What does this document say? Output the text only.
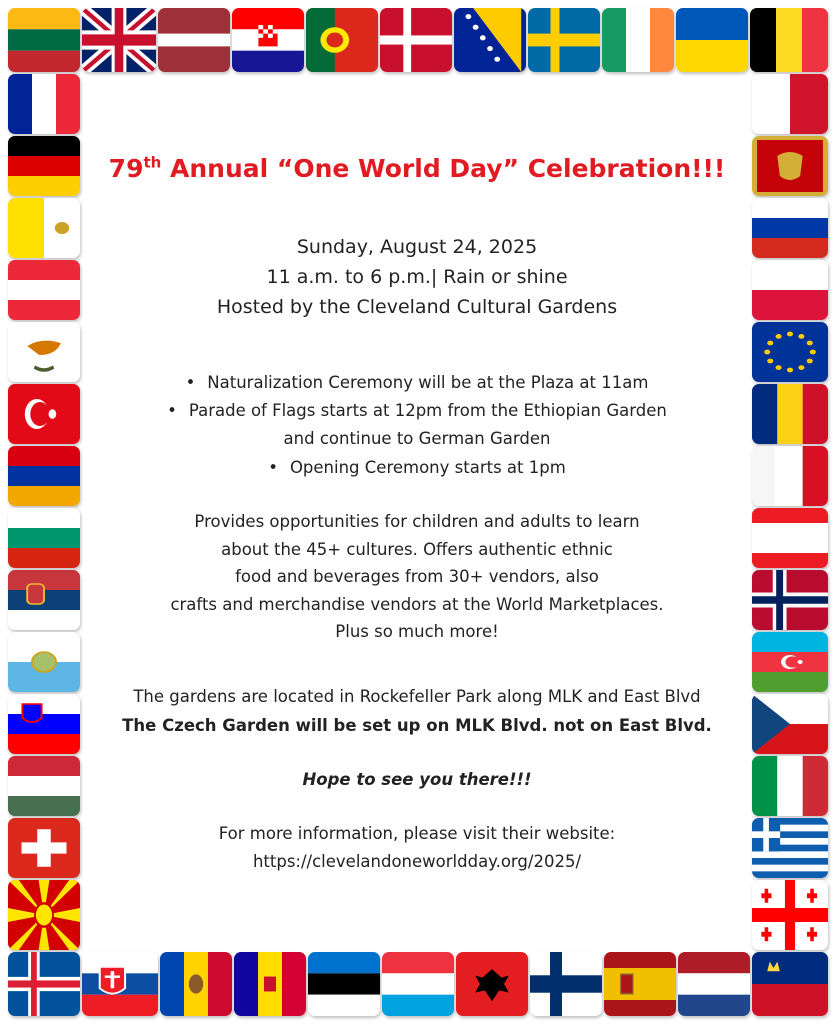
79th Annual “One World Day” Celebration!!!
Sunday, August 24, 2025
11 a.m. to 6 p.m.| Rain or shine
Hosted by the Cleveland Cultural Gardens
• Naturalization Ceremony will be at the Plaza at 11am
• Parade of Flags starts at 12pm from the Ethiopian Garden
and continue to German Garden
• Opening Ceremony starts at 1pm
Provides opportunities for children and adults to learn
about the 45+ cultures. Offers authentic ethnic
food and beverages from 30+ vendors, also
crafts and merchandise vendors at the World Marketplaces.
Plus so much more!
The gardens are located in Rockefeller Park along MLK and East Blvd
The Czech Garden will be set up on MLK Blvd. not on East Blvd.
Hope to see you there!!!
For more information, please visit their website:
https://clevelandoneworldday.org/2025/
